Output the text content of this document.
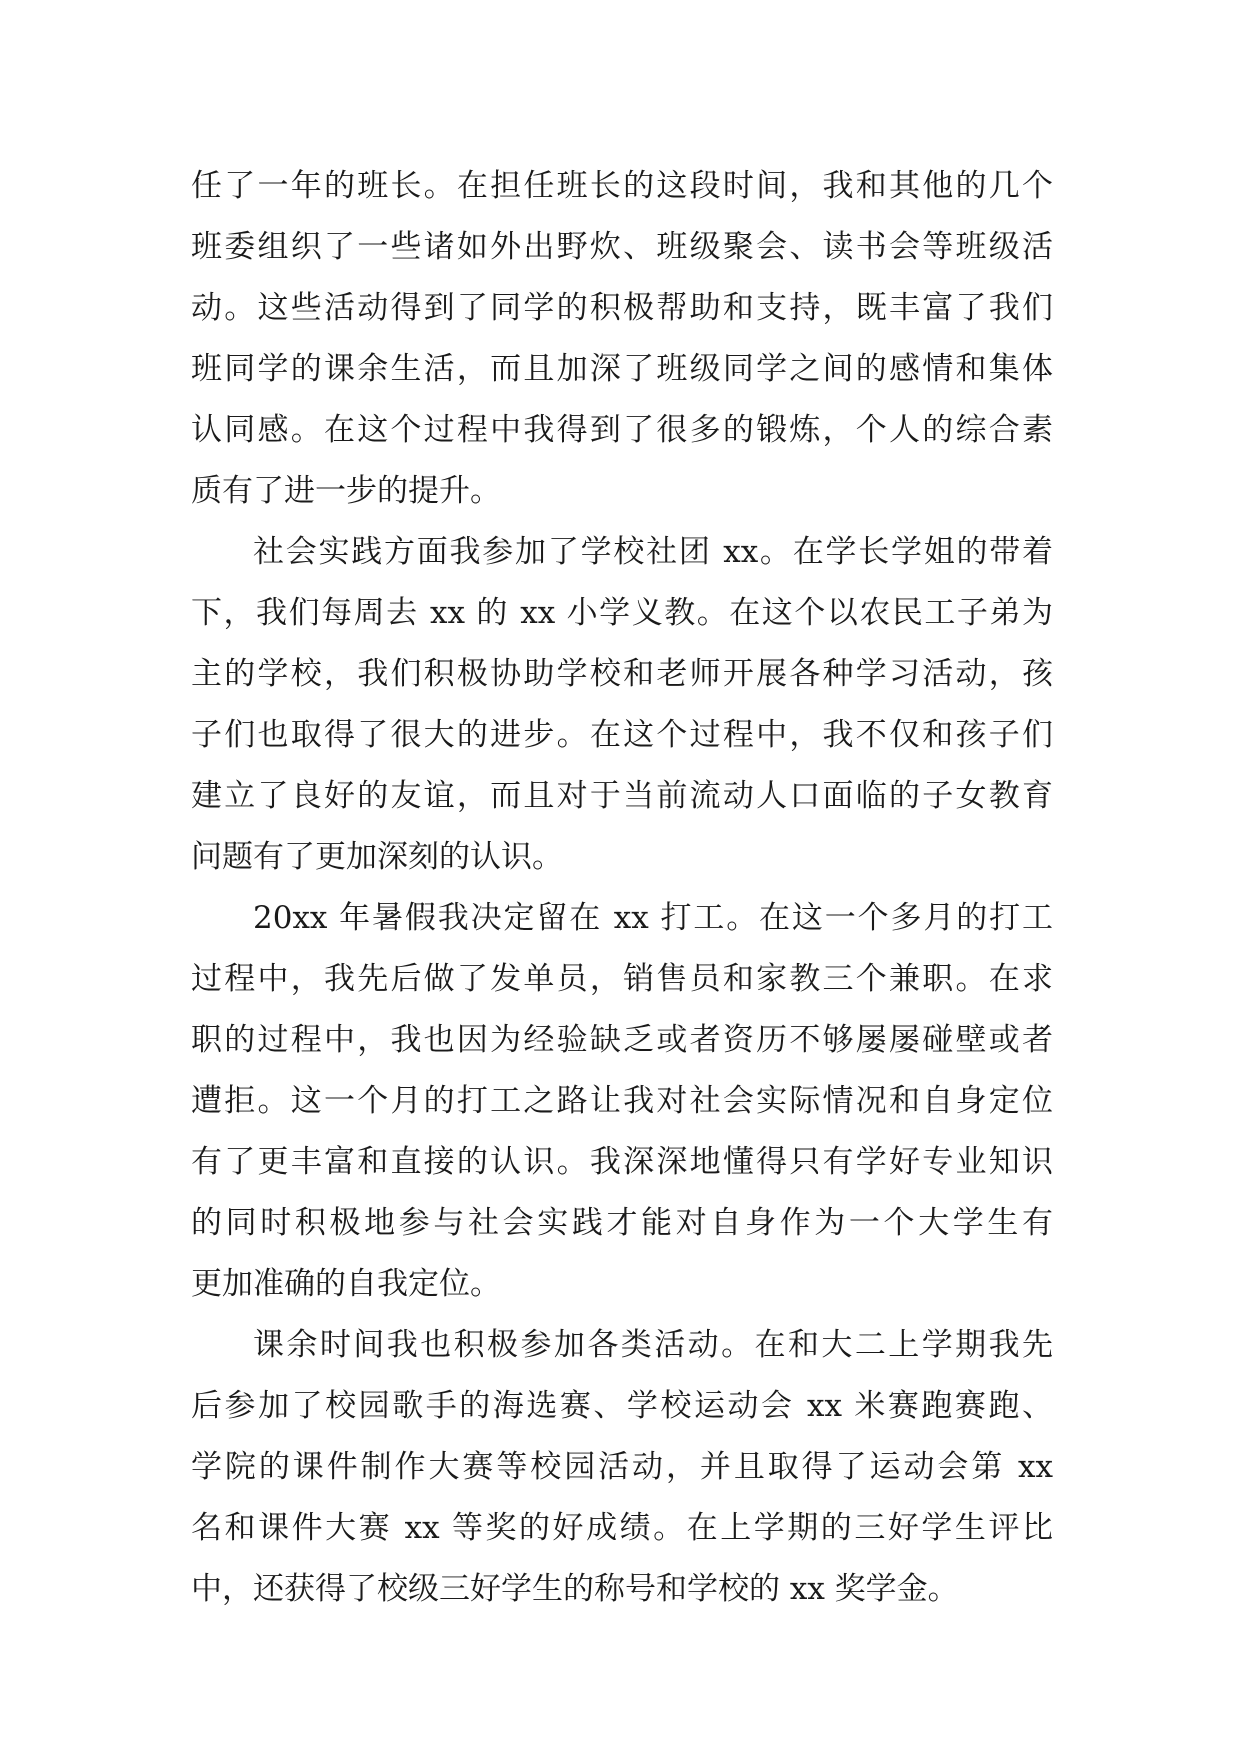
任了一年的班长。在担任班长的这段时间，我和其他的几个
班委组织了一些诸如外出野炊、班级聚会、读书会等班级活
动。这些活动得到了同学的积极帮助和支持，既丰富了我们
班同学的课余生活，而且加深了班级同学之间的感情和集体
认同感。在这个过程中我得到了很多的锻炼，个人的综合素
质有了进一步的提升。
社会实践方面我参加了学校社团 xx。在学长学姐的带着
下，我们每周去 xx 的 xx 小学义教。在这个以农民工子弟为
主的学校，我们积极协助学校和老师开展各种学习活动，孩
子们也取得了很大的进步。在这个过程中，我不仅和孩子们
建立了良好的友谊，而且对于当前流动人口面临的子女教育
问题有了更加深刻的认识。
20xx 年暑假我决定留在 xx 打工。在这一个多月的打工
过程中，我先后做了发单员，销售员和家教三个兼职。在求
职的过程中，我也因为经验缺乏或者资历不够屡屡碰壁或者
遭拒。这一个月的打工之路让我对社会实际情况和自身定位
有了更丰富和直接的认识。我深深地懂得只有学好专业知识
的同时积极地参与社会实践才能对自身作为一个大学生有
更加准确的自我定位。
课余时间我也积极参加各类活动。在和大二上学期我先
后参加了校园歌手的海选赛、学校运动会 xx 米赛跑赛跑、
学院的课件制作大赛等校园活动，并且取得了运动会第 xx
名和课件大赛 xx 等奖的好成绩。在上学期的三好学生评比
中，还获得了校级三好学生的称号和学校的 xx 奖学金。
